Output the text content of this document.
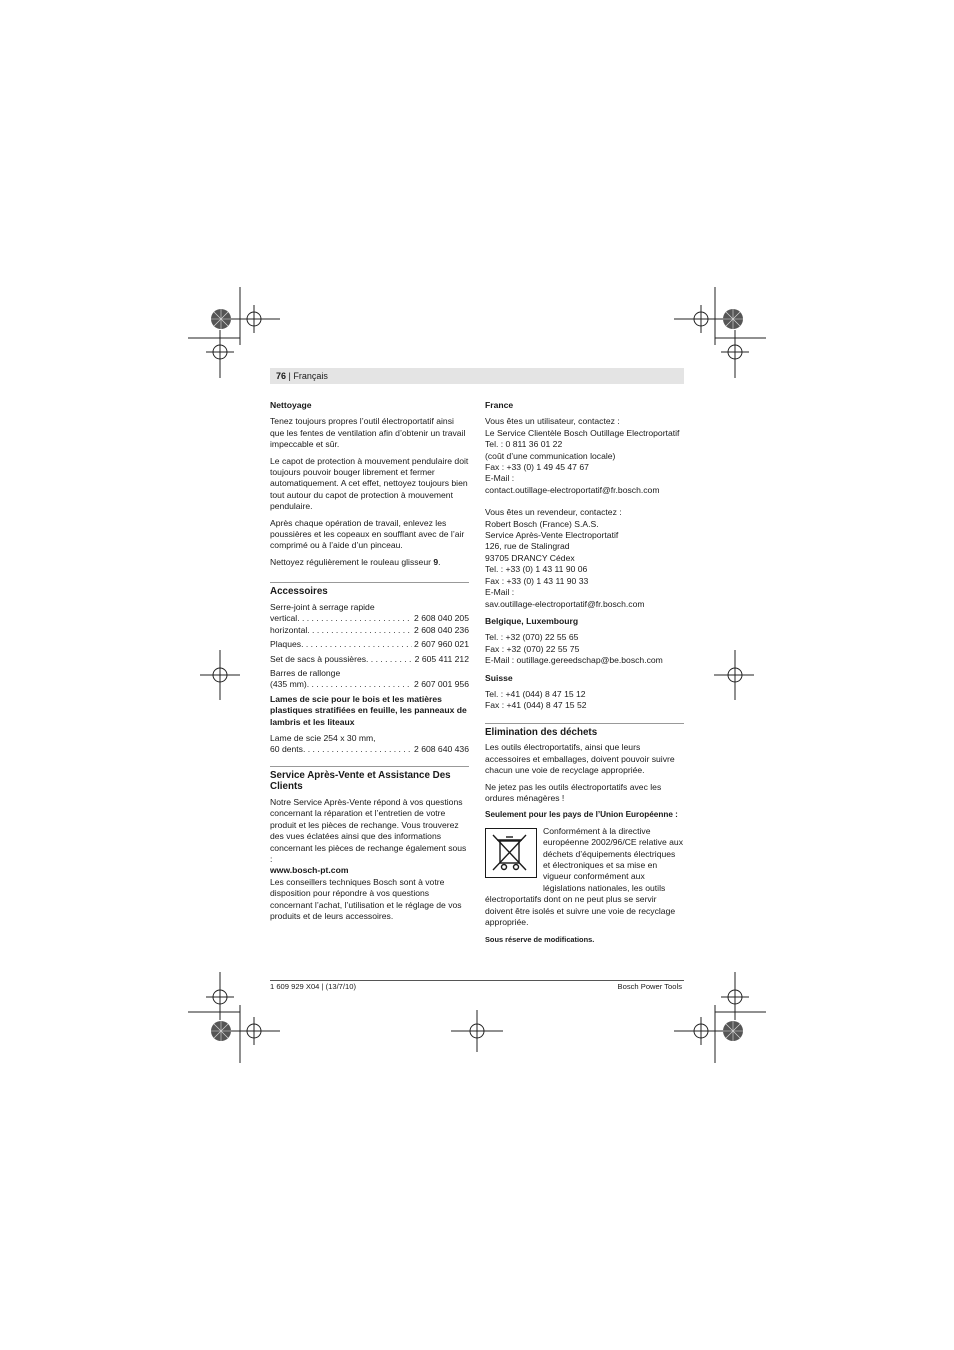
76 | Français
Nettoyage

Tenez toujours propres l’outil électroportatif ainsi que les fentes de ventilation afin d’obtenir un travail impeccable et sûr.

Le capot de protection à mouvement pendulaire doit toujours pouvoir bouger librement et fermer automatiquement. A cet effet, nettoyez toujours bien tout autour du capot de protection à mouvement pendulaire.

Après chaque opération de travail, enlevez les poussières et les copeaux en soufflant avec de l’air comprimé ou à l’aide d’un pinceau.

Nettoyez régulièrement le rouleau glisseur 9.

Accessoires
Serre-joint à serrage rapide
vertical . . .	2 608 040 205
horizontal . . .	2 608 040 236
Plaques . . .	2 607 960 021
Set de sacs à poussières . . .	2 605 411 212
Barres de rallonge
(435 mm) . . .	2 607 001 956

Lames de scie pour le bois et les matières plastiques stratifiées en feuille, les panneaux de lambris et les liteaux

Lame de scie 254 x 30 mm,
60 dents . . .	2 608 640 436
Service Après-Vente et Assistance Des Clients

Notre Service Après-Vente répond à vos questions concernant la réparation et l’entretien de votre produit et les pièces de rechange. Vous trouverez des vues éclatées ainsi que des informations concernant les pièces de rechange également sous :

www.bosch-pt.com

Les conseillers techniques Bosch sont à votre disposition pour répondre à vos questions concernant l’achat, l’utilisation et le réglage de vos produits et de leurs accessoires.

France
Vous êtes un utilisateur, contactez :
Le Service Clientèle Bosch Outillage Electroportatif
Tel. : 0 811 36 01 22
(coût d’une communication locale)
Fax : +33 (0) 1 49 45 47 67
E-Mail :
contact.outillage-electroportatif@fr.bosch.com
Vous êtes un revendeur, contactez :
Robert Bosch (France) S.A.S.
Service Après-Vente Electroportatif
126, rue de Stalingrad
93705 DRANCY Cédex
Tel. : +33 (0) 1 43 11 90 06
Fax : +33 (0) 1 43 11 90 33
E-Mail :
sav.outillage-electroportatif@fr.bosch.com
Belgique, Luxembourg
Tel. : +32 (070) 22 55 65
Fax : +32 (070) 22 55 75
E-Mail : outillage.gereedschap@be.bosch.com
Suisse
Tel. : +41 (044) 8 47 15 12
Fax : +41 (044) 8 47 15 52
Elimination des déchets

Les outils électroportatifs, ainsi que leurs accessoires et emballages, doivent pouvoir suivre chacun une voie de recyclage appropriée.

Ne jetez pas les outils électroportatifs avec les ordures ménagères !

Seulement pour les pays de l’Union Européenne :

Conformément à la directive européenne 2002/96/CE relative aux déchets d’équipements électriques et électroniques et sa mise en vigueur conformément aux législations nationales, les outils

électroportatifs dont on ne peut plus se servir doivent être isolés et suivre une voie de recyclage appropriée.

Sous réserve de modifications.
1 609 929 X04 | (13/7/10)	Bosch Power Tools
